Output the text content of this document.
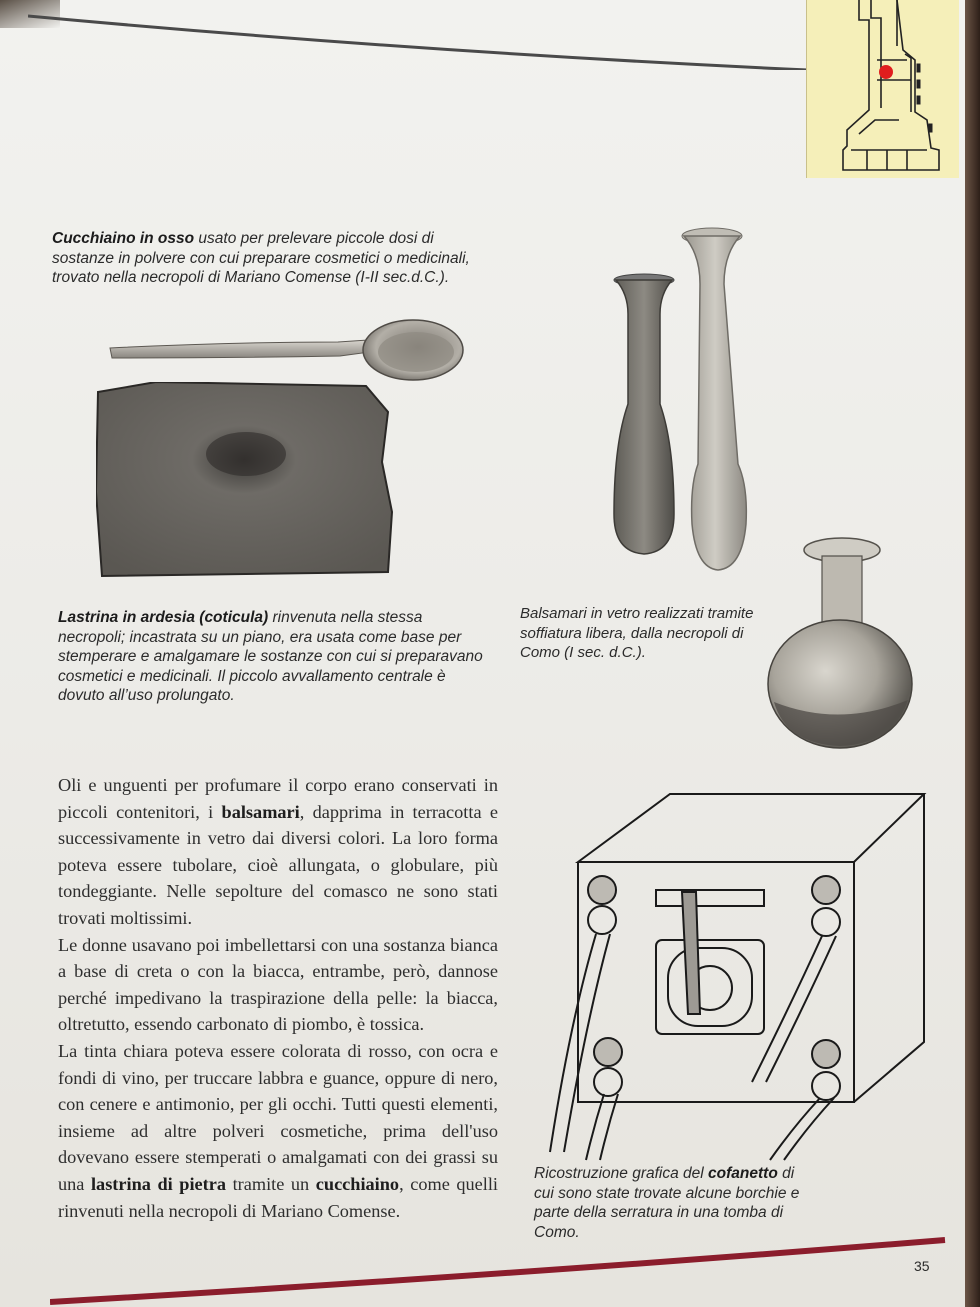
Cucchiaino in osso usato per prelevare piccole dosi di sostanze in polvere con cui preparare cosmetici o medicinali, trovato nella necropoli di Mariano Comense (I-II sec.d.C.).
Lastrina in ardesia (coticula) rinvenuta nella stessa necropoli; incastrata su un piano, era usata come base per stemperare e amalgamare le sostanze con cui si preparavano cosmetici e medicinali. Il piccolo avvallamento centrale è dovuto all’uso prolungato.
Balsamari in vetro realizzati tramite soffiatura libera, dalla necropoli di Como (I sec. d.C.).

Oli e unguenti per profumare il corpo erano conservati in piccoli contenitori, i balsamari, dapprima in terracotta e successivamente in vetro dai diversi colori. La loro forma poteva essere tubolare, cioè allungata, o globulare, più tondeggiante. Nelle sepolture del comasco ne sono stati trovati moltissimi.

Le donne usavano poi imbellettarsi con una sostanza bianca a base di creta o con la biacca, entrambe, però, dannose perché impedivano la traspirazione della pelle: la biacca, oltretutto, essendo carbonato di piombo, è tossica.

La tinta chiara poteva essere colorata di rosso, con ocra e fondi di vino, per truccare labbra e guance, oppure di nero, con cenere e antimonio, per gli occhi. Tutti questi elementi, insieme ad altre polveri cosmetiche, prima dell'uso dovevano essere stemperati o amalgamati con dei grassi su una lastrina di pietra tramite un cucchiaino, come quelli rinvenuti nella necropoli di Mariano Comense.

Ricostruzione grafica del cofanetto di cui sono state trovate alcune borchie e parte della serratura in una tomba di Como.
35
